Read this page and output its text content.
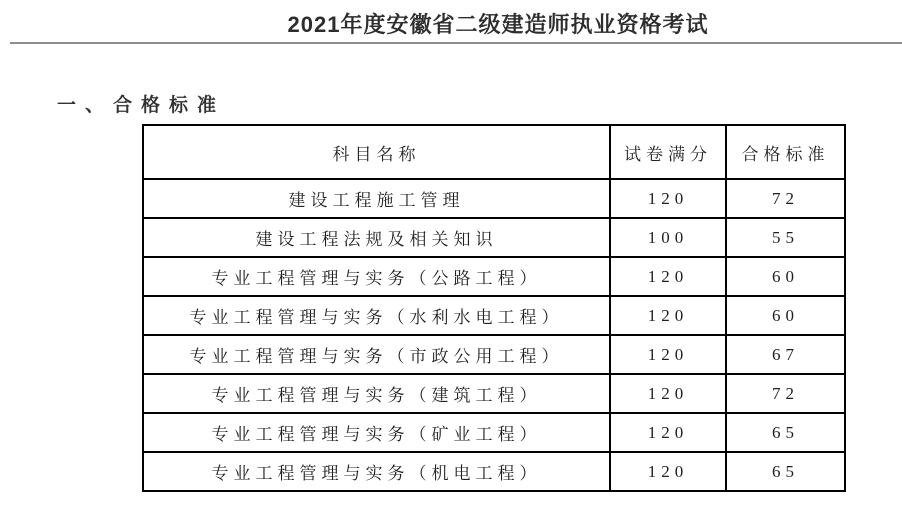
2021年度安徽省二级建造师执业资格考试
一、合格标准
科目名称	试卷满分	合格标准
建设工程施工管理	120	72
建设工程法规及相关知识	100	55
专业工程管理与实务（公路工程）	120	60
专业工程管理与实务（水利水电工程）	120	60
专业工程管理与实务（市政公用工程）	120	67
专业工程管理与实务（建筑工程）	120	72
专业工程管理与实务（矿业工程）	120	65
专业工程管理与实务（机电工程）	120	65
